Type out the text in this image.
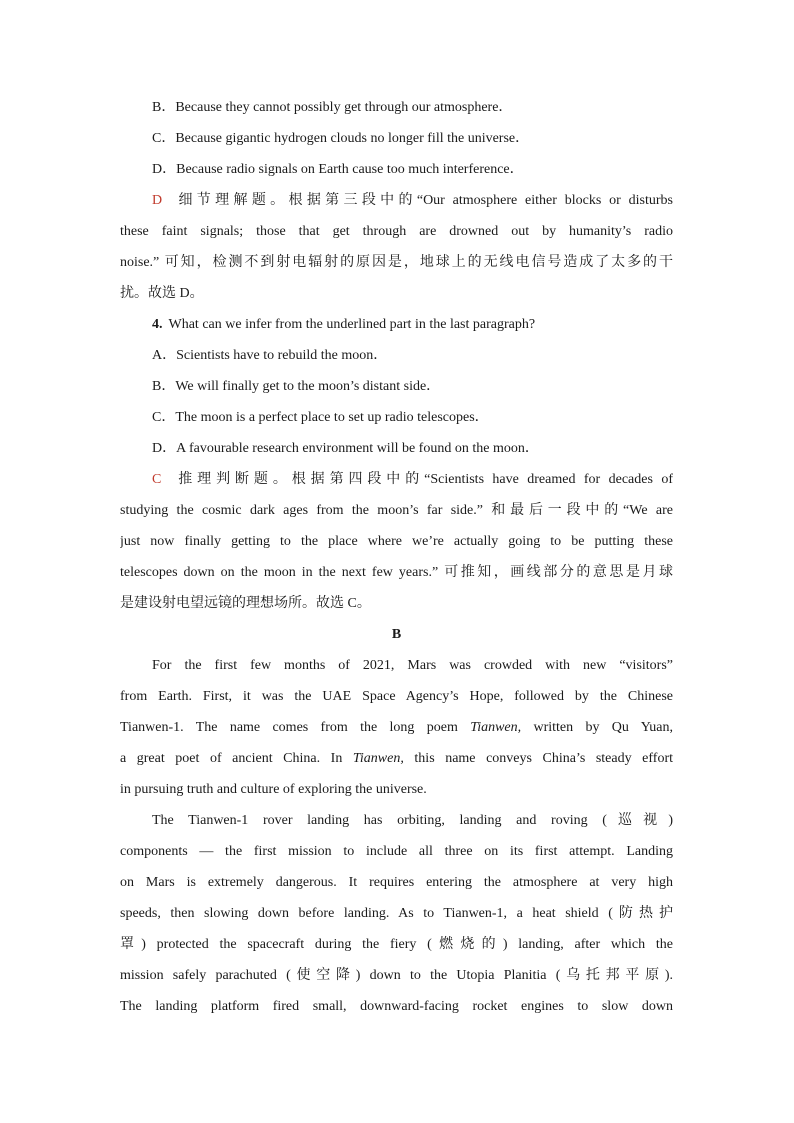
B．Because they cannot possibly get through our atmosphere．
C．Because gigantic hydrogen clouds no longer fill the universe．
D．Because radio signals on Earth cause too much interference．
D 细节理解题。根据第三段中的“Our atmosphere either blocks or disturbs
these faint signals; those that get through are drowned out by humanity’s radio
noise.” 可知，检测不到射电辐射的原因是，地球上的无线电信号造成了太多的干
扰。故选 D。
4. What can we infer from the underlined part in the last paragraph?
A．Scientists have to rebuild the moon．
B．We will finally get to the moon’s distant side．
C．The moon is a perfect place to set up radio telescopes．
D．A favourable research environment will be found on the moon．
C 推理判断题。根据第四段中的“Scientists have dreamed for decades of
studying the cosmic dark ages from the moon’s far side.” 和最后一段中的“We are
just now finally getting to the place where we’re actually going to be putting these
telescopes down on the moon in the next few years.” 可推知，画线部分的意思是月球
是建设射电望远镜的理想场所。故选 C。
B
For the first few months of 2021, Mars was crowded with new “visitors”
from Earth. First, it was the UAE Space Agency’s Hope, followed by the Chinese
Tianwen-1. The name comes from the long poem Tianwen, written by Qu Yuan,
a great poet of ancient China. In Tianwen, this name conveys China’s steady effort
in pursuing truth and culture of exploring the universe.
The Tianwen-1 rover landing has orbiting, landing and roving (巡视)
components — the first mission to include all three on its first attempt. Landing
on Mars is extremely dangerous. It requires entering the atmosphere at very high
speeds, then slowing down before landing. As to Tianwen-1, a heat shield (防热护
罩) protected the spacecraft during the fiery (燃烧的) landing, after which the
mission safely parachuted (使空降) down to the Utopia Planitia (乌托邦平原).
The landing platform fired small, downward-facing rocket engines to slow down
